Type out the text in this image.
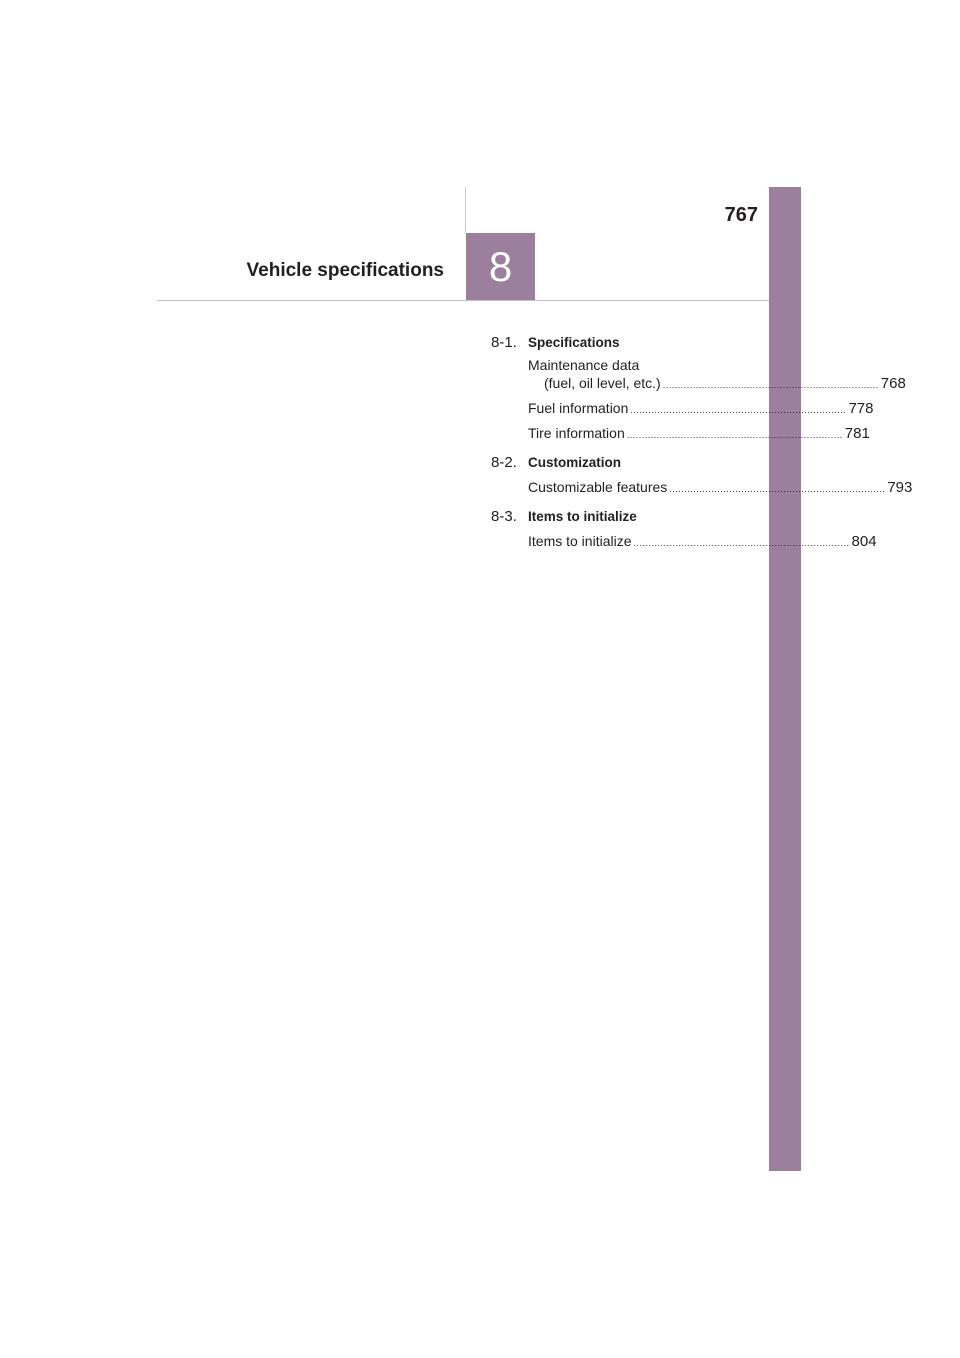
767
8
Vehicle specifications
8-1. Specifications
Maintenance data
(fuel, oil level, etc.) ........................................................................ 768
Fuel information ........................................................................ 778
Tire information ........................................................................ 781
8-2. Customization
Customizable features ........................................................................ 793
8-3. Items to initialize
Items to initialize ........................................................................ 804
